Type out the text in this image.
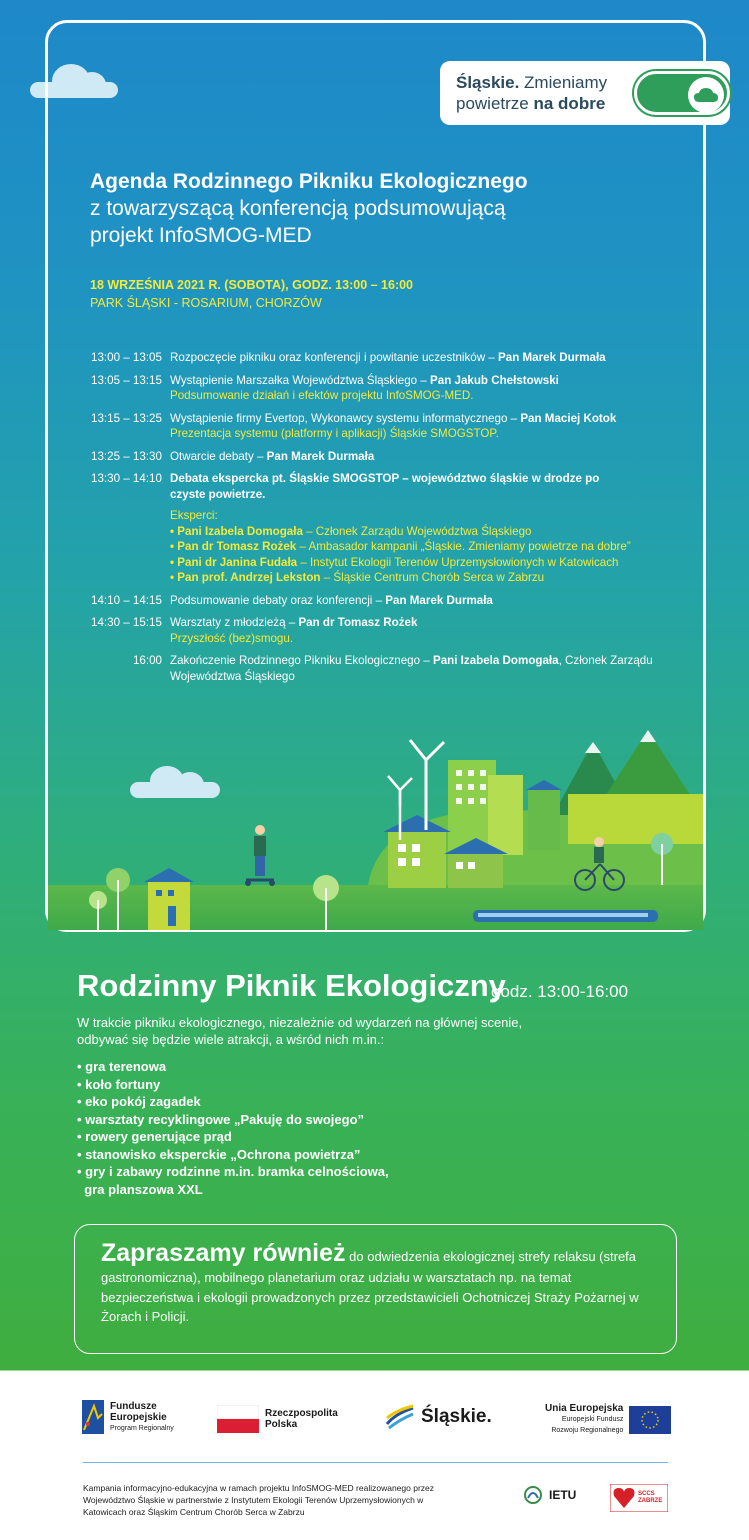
Śląskie. Zmieniamy
powietrze na dobre
Agenda Rodzinnego Pikniku Ekologicznego
z towarzyszącą konferencją podsumowującą
projekt InfoSMOG-MED
18 WRZEŚNIA 2021 R. (SOBOTA), GODZ. 13:00 – 16:00
PARK ŚLĄSKI - ROSARIUM, CHORZÓW
13:00 – 13:05 Rozpoczęcie pikniku oraz konferencji i powitanie uczestników – Pan Marek Durmała
13:05 – 13:15 Wystąpienie Marszałka Województwa Śląskiego – Pan Jakub Chełstowski
Podsumowanie działań i efektów projektu InfoSMOG-MED.
13:15 – 13:25 Wystąpienie firmy Evertop, Wykonawcy systemu informatycznego – Pan Maciej Kotok
Prezentacja systemu (platformy i aplikacji) Śląskie SMOGSTOP.
13:25 – 13:30 Otwarcie debaty – Pan Marek Durmała
13:30 – 14:10 Debata ekspercka pt. Śląskie SMOGSTOP – województwo śląskie w drodze po czyste powietrze.
Eksperci:
• Pani Izabela Domogała – Członek Zarządu Województwa Śląskiego
• Pan dr Tomasz Rożek – Ambasador kampanii „Śląskie. Zmieniamy powietrze na dobre”
• Pani dr Janina Fudała – Instytut Ekologii Terenów Uprzemysłowionych w Katowicach
• Pan prof. Andrzej Lekston – Śląskie Centrum Chorób Serca w Zabrzu
14:10 – 14:15 Podsumowanie debaty oraz konferencji – Pan Marek Durmała
14:30 – 15:15 Warsztaty z młodzieżą – Pan dr Tomasz Rożek
Przyszłość (bez)smogu.
16:00 Zakończenie Rodzinnego Pikniku Ekologicznego – Pani Izabela Domogała, Członek Zarządu Województwa Śląskiego
Rodzinny Piknik Ekologiczny
godz. 13:00-16:00
W trakcie pikniku ekologicznego, niezależnie od wydarzeń na głównej scenie, odbywać się będzie wiele atrakcji, a wśród nich m.in.:
• gra terenowa
• koło fortuny
• eko pokój zagadek
• warsztaty recyklingowe „Pakuję do swojego”
• rowery generujące prąd
• stanowisko eksperckie „Ochrona powietrza”
• gry i zabawy rodzinne m.in. bramka celnościowa,
gra planszowa XXL
Zapraszamy również do odwiedzenia ekologicznej strefy relaksu (strefa gastronomiczna), mobilnego planetarium oraz udziału w warsztatach np. na temat bezpieczeństwa i ekologii prowadzonych przez przedstawicieli Ochotniczej Straży Pożarnej w Żorach i Policji.
Fundusze
Europejskie
Program Regionalny
Rzeczpospolita
Polska	Śląskie.	Unia Europejska
Europejski Fundusz
Rozwoju Regionalnego
Kampania informacyjno-edukacyjna w ramach projektu InfoSMOG-MED realizowanego przez Województwo Śląskie w partnerstwie z Instytutem Ekologii Terenów Uprzemysłowionych w Katowicach oraz Śląskim Centrum Chorób Serca w Zabrzu
IETU	SCCS ZABRZE
